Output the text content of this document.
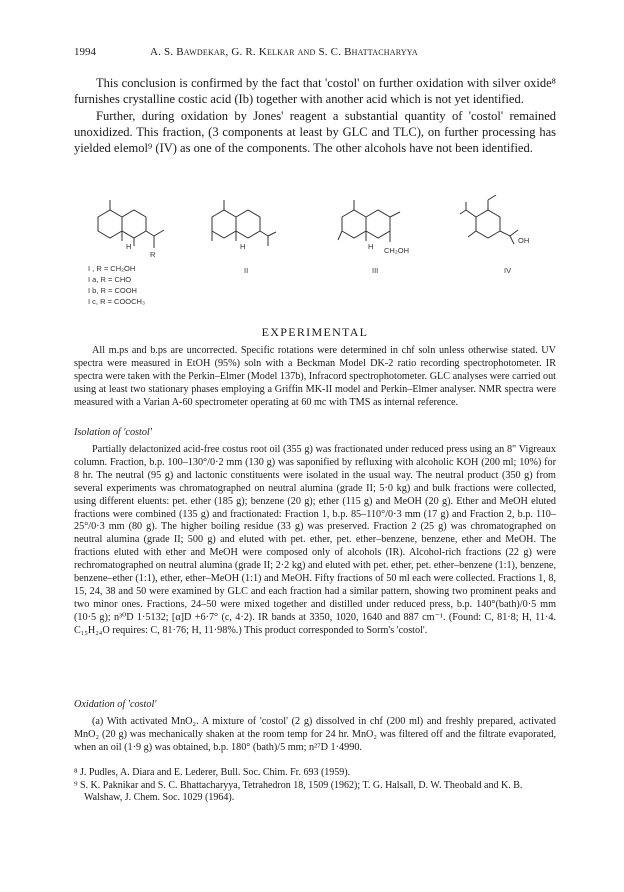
1994	A. S. Bawdekar, G. R. Kelkar and S. C. Bhattacharyya

This conclusion is confirmed by the fact that 'costol' on further oxidation with silver oxide⁸ furnishes crystalline costic acid (Ib) together with another acid which is not yet identified.

Further, during oxidation by Jones' reagent a substantial quantity of 'costol' remained unoxidized. This fraction, (3 components at least by GLC and TLC), on further processing has yielded elemol⁹ (IV) as one of the components. The other alcohols have not been identified.

H
R
H	H CH₂OH
OH
II	III	IV
I , R = CH₂OH
I a, R = CHO
I b, R = COOH
I c, R = COOCH₃
EXPERIMENTAL

All m.ps and b.ps are uncorrected. Specific rotations were determined in chf soln unless otherwise stated. UV spectra were measured in EtOH (95%) soln with a Beckman Model DK-2 ratio recording spectrophotometer. IR spectra were taken with the Perkin–Elmer (Model 137b), Infracord spectrophotometer. GLC analyses were carried out using at least two stationary phases employing a Griffin MK-II model and Perkin–Elmer analyser. NMR spectra were measured with a Varian A-60 spectrometer operating at 60 mc with TMS as internal reference.

Isolation of 'costol'

Partially delactonized acid-free costus root oil (355 g) was fractionated under reduced press using an 8" Vigreaux column. Fraction, b.p. 100–130°/0·2 mm (130 g) was saponified by refluxing with alcoholic KOH (200 ml; 10%) for 8 hr. The neutral (95 g) and lactonic constituents were isolated in the usual way. The neutral product (350 g) from several experiments was chromatographed on neutral alumina (grade II; 5·0 kg) and bulk fractions were collected, using different eluents: pet. ether (185 g); benzene (20 g); ether (115 g) and MeOH (20 g). Ether and MeOH eluted fractions were combined (135 g) and fractionated: Fraction 1, b.p. 85–110°/0·3 mm (17 g) and Fraction 2, b.p. 110–25°/0·3 mm (80 g). The higher boiling residue (33 g) was preserved. Fraction 2 (25 g) was chromatographed on neutral alumina (grade II; 500 g) and eluted with pet. ether, pet. ether–benzene, benzene, ether and MeOH. The fractions eluted with ether and MeOH were composed only of alcohols (IR). Alcohol-rich fractions (22 g) were rechromatographed on neutral alumina (grade II; 2·2 kg) and eluted with pet. ether, pet. ether–benzene (1:1), benzene, benzene–ether (1:1), ether, ether–MeOH (1:1) and MeOH. Fifty fractions of 50 ml each were collected. Fractions 1, 8, 15, 24, 38 and 50 were examined by GLC and each fraction had a similar pattern, showing two prominent peaks and two minor ones. Fractions, 24–50 were mixed together and distilled under reduced press, b.p. 140°(bath)/0·5 mm (10·5 g); n³⁰D 1·5132; [α]D +6·7° (c, 4·2). IR bands at 3350, 1020, 1640 and 887 cm⁻¹. (Found: C, 81·8; H, 11·4. C₁₅H₂₄O requires: C, 81·76; H, 11·98%.) This product corresponded to Sorm's 'costol'.

Oxidation of 'costol'

(a) With activated MnO₂. A mixture of 'costol' (2 g) dissolved in chf (200 ml) and freshly prepared, activated MnO₂ (20 g) was mechanically shaken at the room temp for 24 hr. MnO₂ was filtered off and the filtrate evaporated, when an oil (1·9 g) was obtained, b.p. 180° (bath)/5 mm; n²⁷D 1·4990.

⁸ J. Pudles, A. Diara and E. Lederer, Bull. Soc. Chim. Fr. 693 (1959).

⁹ S. K. Paknikar and S. C. Bhattacharyya, Tetrahedron 18, 1509 (1962); T. G. Halsall, D. W. Theobald and K. B. Walshaw, J. Chem. Soc. 1029 (1964).
